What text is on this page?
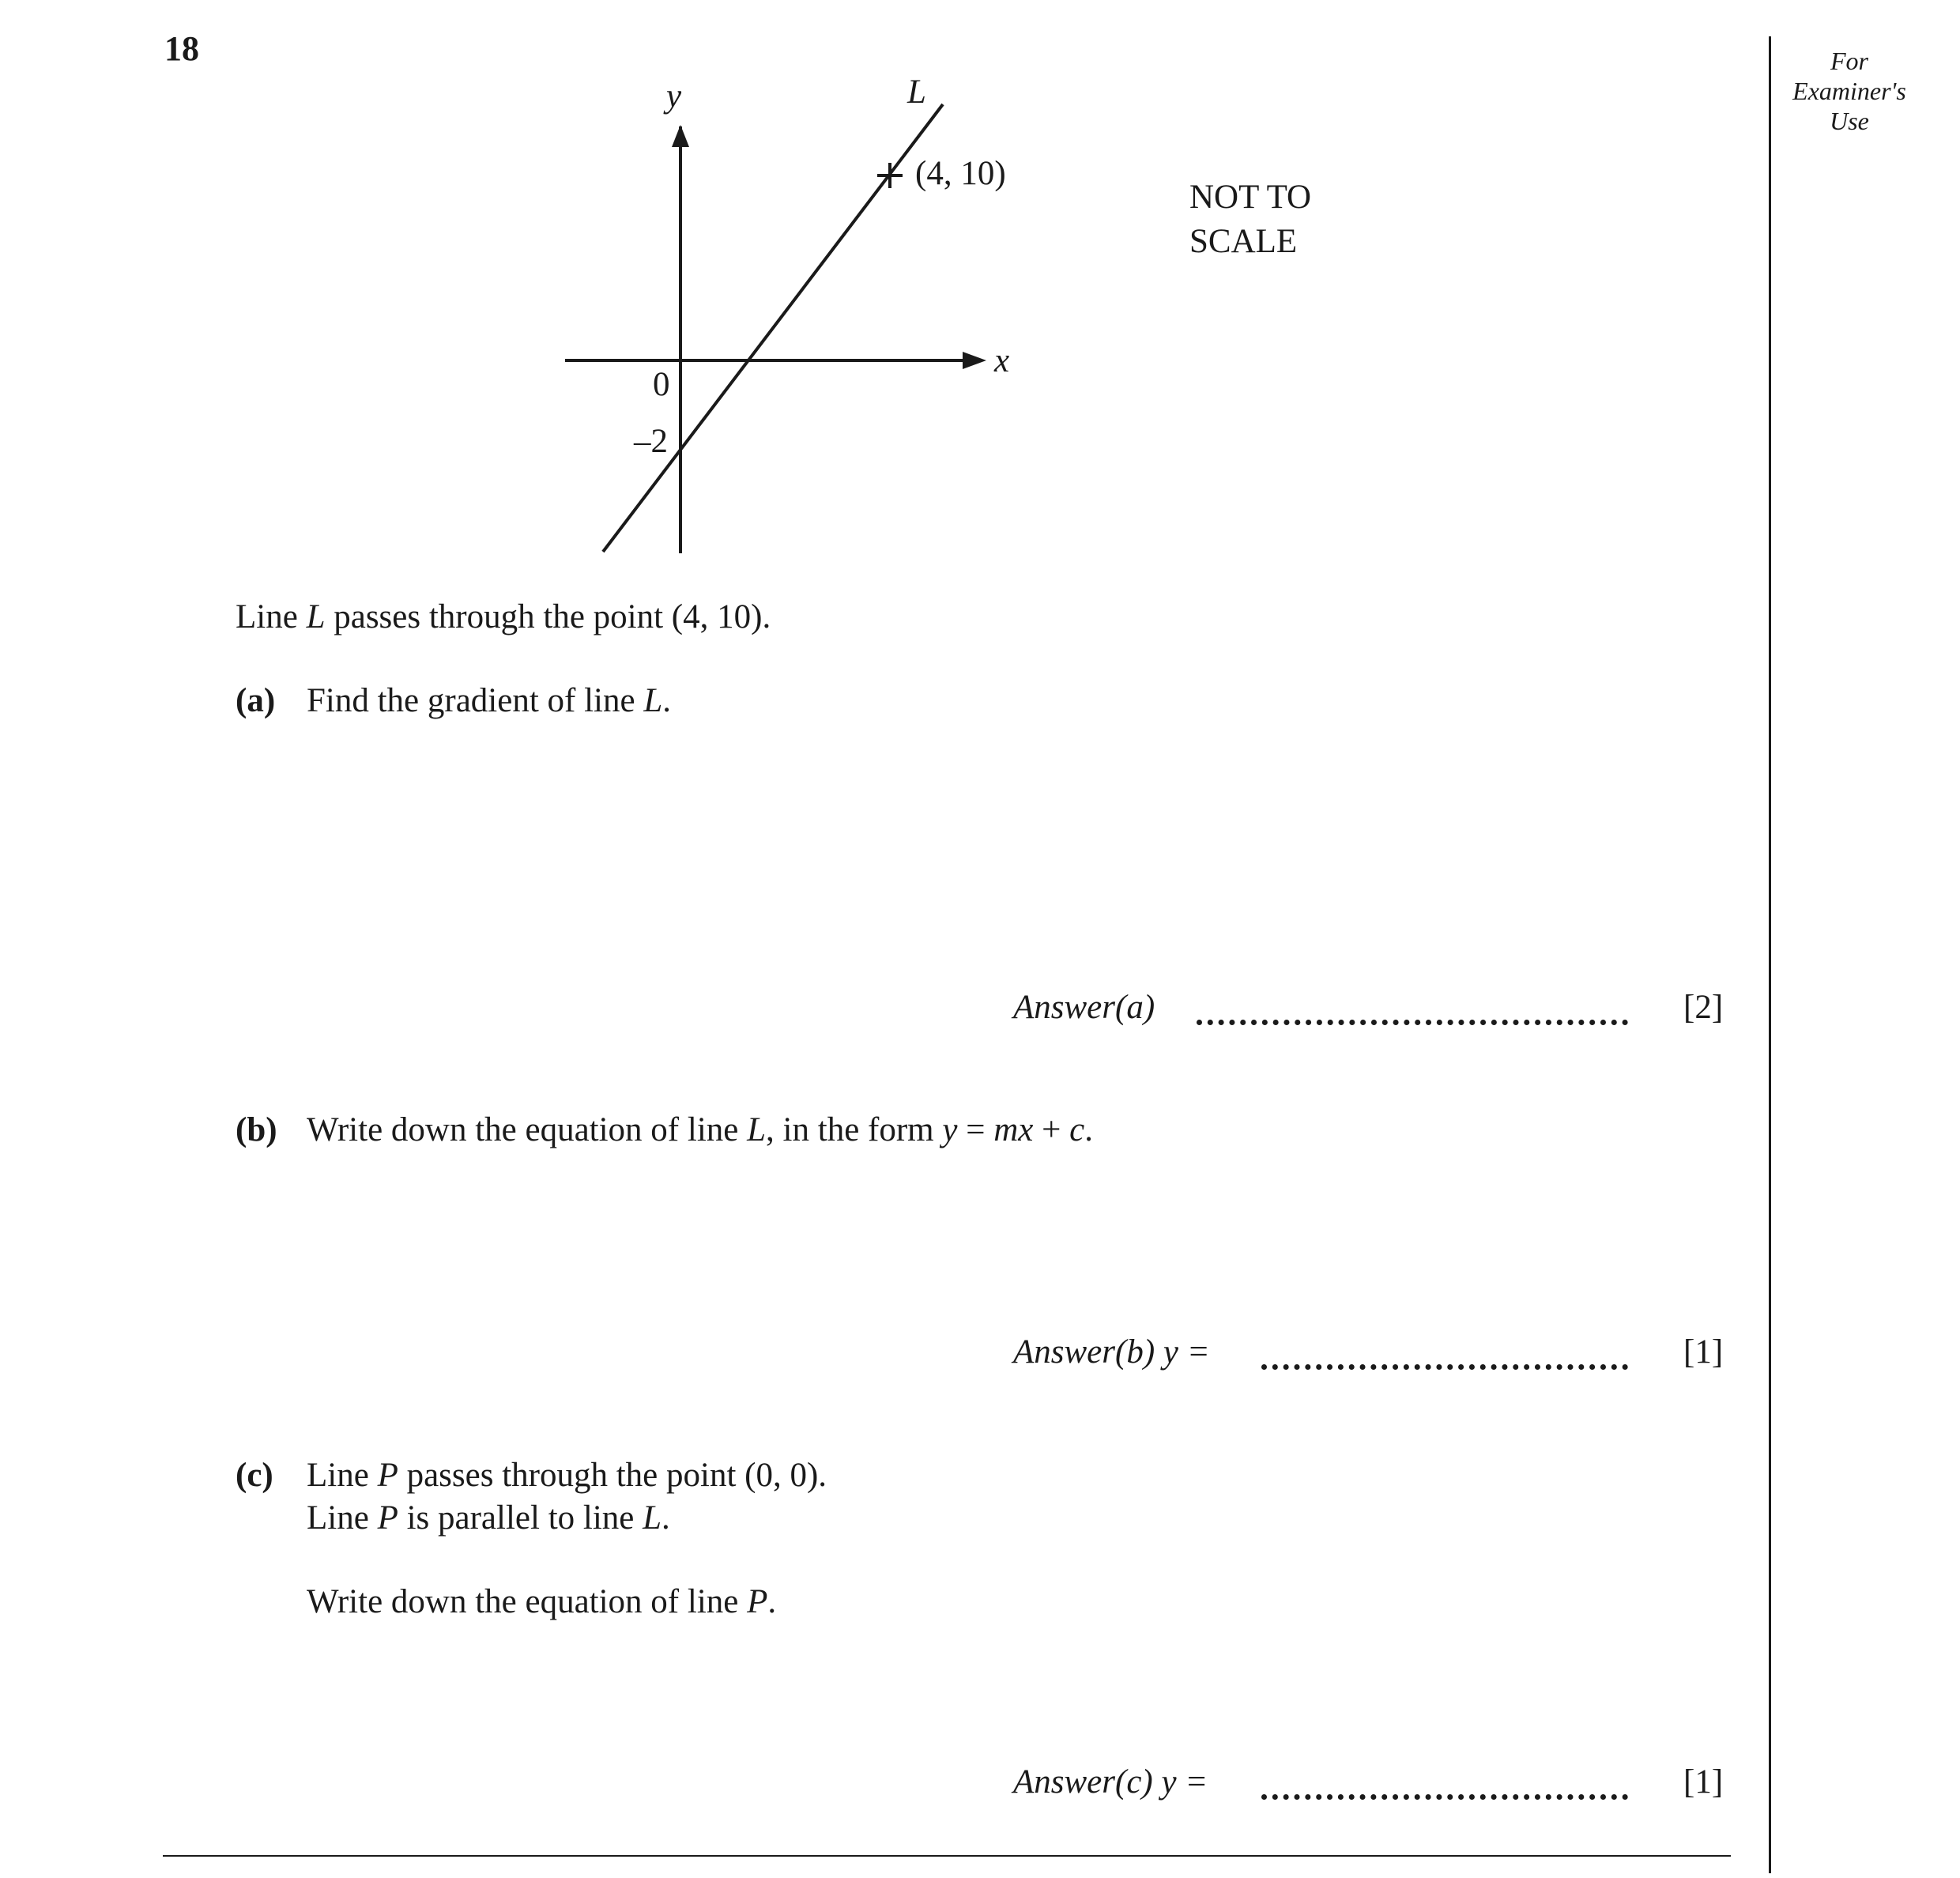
18	For
Examiner's
Use
y	L
(4, 10)
x
0
–2
NOT TO
SCALE
Line L passes through the point (4, 10).
(a) Find the gradient of line L.
Answer(a)	[2]
(b) Write down the equation of line L, in the form y = mx + c.
Answer(b) y =	[1]
(c) Line P passes through the point (0, 0).
Line P is parallel to line L.
Write down the equation of line P.
Answer(c) y =	[1]
